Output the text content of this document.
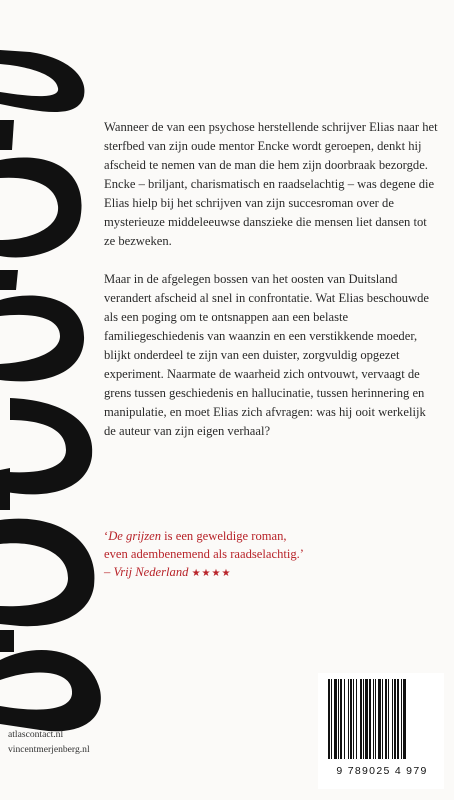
Wanneer de van een psychose herstellende schrijver Elias naar het sterfbed van zijn oude mentor Encke wordt geroepen, denkt hij afscheid te nemen van de man die hem zijn doorbraak bezorgde. Encke – briljant, charismatisch en raadselachtig – was degene die Elias hielp bij het schrijven van zijn succesroman over de mysterieuze middeleeuwse danszieke die mensen liet dansen tot ze bezweken.

Maar in de afgelegen bossen van het oosten van Duitsland verandert afscheid al snel in confrontatie. Wat Elias beschouwde als een poging om te ontsnappen aan een belaste familiegeschiedenis van waanzin en een verstikkende moeder, blijkt onderdeel te zijn van een duister, zorgvuldig opgezet experiment. Naarmate de waarheid zich ontvouwt, vervaagt de grens tussen geschiedenis en hallucinatie, tussen herinnering en manipulatie, en moet Elias zich afvragen: was hij ooit werkelijk de auteur van zijn eigen verhaal?

‘De grijzen is een geweldige roman,
even adembenemend als raadselachtig.’
– Vrij Nederland ★★★★
atlascontact.nl
vincentmerjenberg.nl
9 789025 4 979
